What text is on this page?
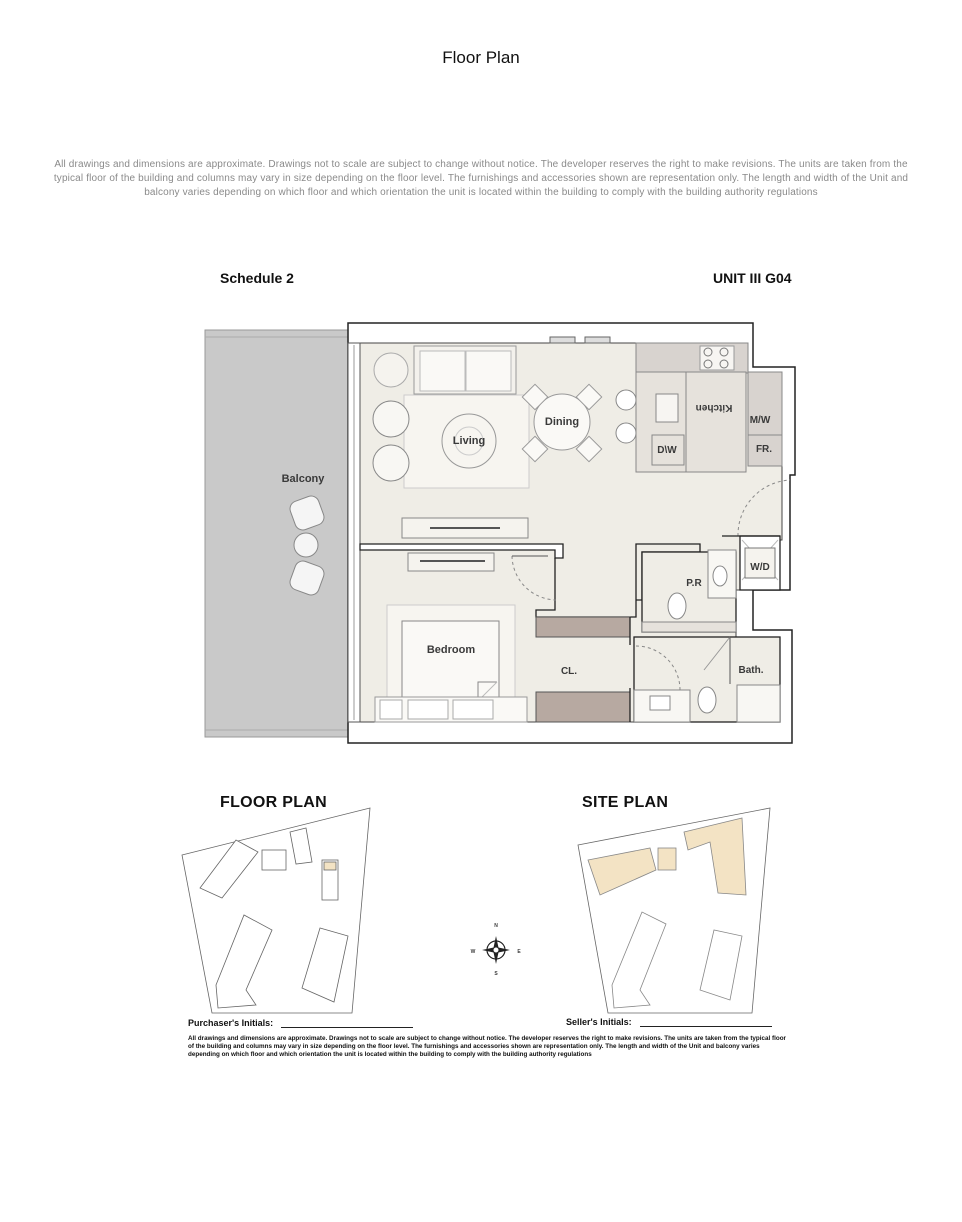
Floor Plan
All drawings and dimensions are approximate. Drawings not to scale are subject to change without notice. The developer reserves the right to make revisions. The units are taken from the typical floor of the building and columns may vary in size depending on the floor level. The furnishings and accessories shown are representation only. The length and width of the Unit and balcony varies depending on which floor and which orientation the unit is located within the building to comply with the building authority regulations
Schedule 2	UNIT III G04
Balcony
Living
Dining
Kitchen
M/W
FR.
D\W
W/D
P.R
Bedroom
CL.	Bath.
N
E
S
W
FLOOR PLAN	SITE PLAN
Purchaser's Initials:	Seller's Initials:
All drawings and dimensions are approximate. Drawings not to scale are subject to change without notice. The developer reserves the right to make revisions. The units are taken from the typical floor of the building and columns may vary in size depending on the floor level. The furnishings and accessories shown are representation only. The length and width of the Unit and balcony varies depending on which floor and which orientation the unit is located within the building to comply with the building authority regulations
